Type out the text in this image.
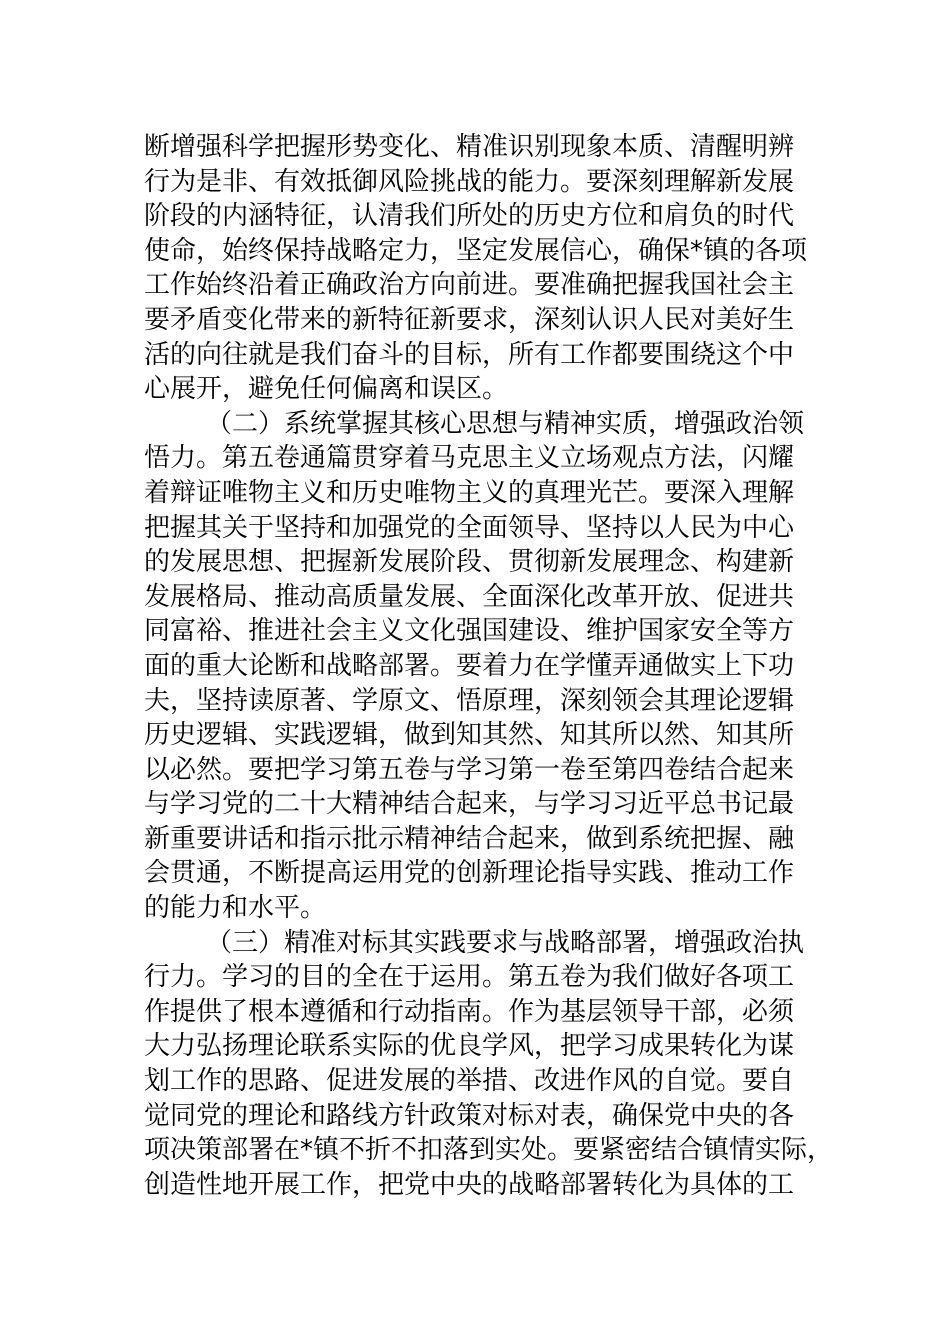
断增强科学把握形势变化、精准识别现象本质、清醒明辨
行为是非、有效抵御风险挑战的能力。要深刻理解新发展
阶段的内涵特征，认清我们所处的历史方位和肩负的时代
使命，始终保持战略定力，坚定发展信心，确保*镇的各项
工作始终沿着正确政治方向前进。要准确把握我国社会主
要矛盾变化带来的新特征新要求，深刻认识人民对美好生
活的向往就是我们奋斗的目标，所有工作都要围绕这个中
心展开，避免任何偏离和误区。
（二）系统掌握其核心思想与精神实质，增强政治领
悟力。第五卷通篇贯穿着马克思主义立场观点方法，闪耀
着辩证唯物主义和历史唯物主义的真理光芒。要深入理解
把握其关于坚持和加强党的全面领导、坚持以人民为中心
的发展思想、把握新发展阶段、贯彻新发展理念、构建新
发展格局、推动高质量发展、全面深化改革开放、促进共
同富裕、推进社会主义文化强国建设、维护国家安全等方
面的重大论断和战略部署。要着力在学懂弄通做实上下功
夫，坚持读原著、学原文、悟原理，深刻领会其理论逻辑
历史逻辑、实践逻辑，做到知其然、知其所以然、知其所
以必然。要把学习第五卷与学习第一卷至第四卷结合起来
与学习党的二十大精神结合起来，与学习习近平总书记最
新重要讲话和指示批示精神结合起来，做到系统把握、融
会贯通，不断提高运用党的创新理论指导实践、推动工作
的能力和水平。
（三）精准对标其实践要求与战略部署，增强政治执
行力。学习的目的全在于运用。第五卷为我们做好各项工
作提供了根本遵循和行动指南。作为基层领导干部，必须
大力弘扬理论联系实际的优良学风，把学习成果转化为谋
划工作的思路、促进发展的举措、改进作风的自觉。要自
觉同党的理论和路线方针政策对标对表，确保党中央的各
项决策部署在*镇不折不扣落到实处。要紧密结合镇情实际，
创造性地开展工作，把党中央的战略部署转化为具体的工
